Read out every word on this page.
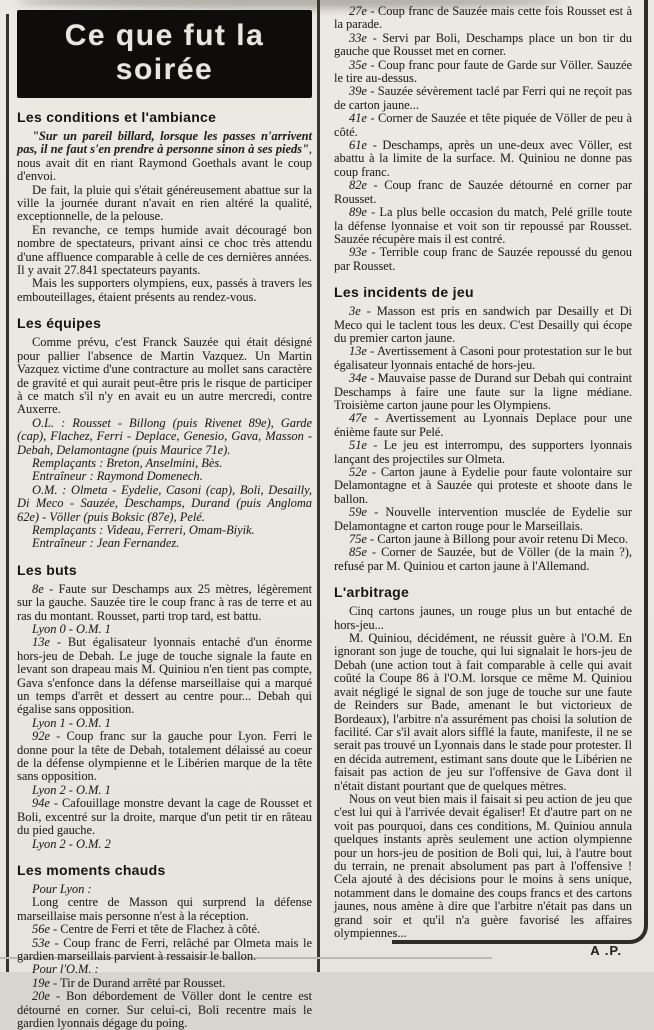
Ce que fut la soirée
Les conditions et l'ambiance

"Sur un pareil billard, lorsque les passes n'arrivent pas, il ne faut s'en prendre à personne sinon à ses pieds", nous avait dit en riant Raymond Goethals avant le coup d'envoi.

De fait, la pluie qui s'était généreusement abattue sur la ville la journée durant n'avait en rien altéré la qualité, exceptionnelle, de la pelouse.

En revanche, ce temps humide avait découragé bon nombre de spectateurs, privant ainsi ce choc très attendu d'une affluence comparable à celle de ces dernières années. Il y avait 27.841 spectateurs payants.

Mais les supporters olympiens, eux, passés à travers les embouteillages, étaient présents au rendez-vous.

Les équipes

Comme prévu, c'est Franck Sauzée qui était désigné pour pallier l'absence de Martin Vazquez. Un Martin Vazquez victime d'une contracture au mollet sans caractère de gravité et qui aurait peut-être pris le risque de participer à ce match s'il n'y en avait eu un autre mercredi, contre Auxerre.

O.L. : Rousset - Billong (puis Rivenet 89e), Garde (cap), Flachez, Ferri - Deplace, Genesio, Gava, Masson - Debah, Delamontagne (puis Maurice 71e).

Remplaçants : Breton, Anselmini, Bès.

Entraîneur : Raymond Domenech.

O.M. : Olmeta - Eydelie, Casoni (cap), Boli, Desailly, Di Meco - Sauzée, Deschamps, Durand (puis Angloma 62e) - Völler (puis Boksic (87e), Pelé.

Remplaçants : Videau, Ferreri, Omam-Biyik.

Entraîneur : Jean Fernandez.

Les buts

8e - Faute sur Deschamps aux 25 mètres, légèrement sur la gauche. Sauzée tire le coup franc à ras de terre et au ras du montant. Rousset, parti trop tard, est battu.

Lyon 0 - O.M. 1

13e - But égalisateur lyonnais entaché d'un énorme hors-jeu de Debah. Le juge de touche signale la faute en levant son drapeau mais M. Quiniou n'en tient pas compte, Gava s'enfonce dans la défense marseillaise qui a marqué un temps d'arrêt et dessert au centre pour... Debah qui égalise sans opposition.

Lyon 1 - O.M. 1

92e - Coup franc sur la gauche pour Lyon. Ferri le donne pour la tête de Debah, totalement délaissé au coeur de la défense olympienne et le Libérien marque de la tête sans opposition.

Lyon 2 - O.M. 1

94e - Cafouillage monstre devant la cage de Rousset et Boli, excentré sur la droite, marque d'un petit tir en râteau du pied gauche.

Lyon 2 - O.M. 2

Les moments chauds

Pour Lyon :

Long centre de Masson qui surprend la défense marseillaise mais personne n'est à la réception.

56e - Centre de Ferri et tête de Flachez à côté.

53e - Coup franc de Ferri, relâché par Olmeta mais le gardien marseillais parvient à ressaisir le ballon.

Pour l'O.M. :

19e - Tir de Durand arrêté par Rousset.

20e - Bon débordement de Völler dont le centre est détourné en corner. Sur celui-ci, Boli recentre mais le gardien lyonnais dégage du poing.

27e - Coup franc de Sauzée mais cette fois Rousset est à la parade.

33e - Servi par Boli, Deschamps place un bon tir du gauche que Rousset met en corner.

35e - Coup franc pour faute de Garde sur Völler. Sauzée le tire au-dessus.

39e - Sauzée sévèrement taclé par Ferri qui ne reçoit pas de carton jaune...

41e - Corner de Sauzée et tête piquée de Völler de peu à côté.

61e - Deschamps, après un une-deux avec Völler, est abattu à la limite de la surface. M. Quiniou ne donne pas coup franc.

82e - Coup franc de Sauzée détourné en corner par Rousset.

89e - La plus belle occasion du match, Pelé grille toute la défense lyonnaise et voit son tir repoussé par Rousset. Sauzée récupère mais il est contré.

93e - Terrible coup franc de Sauzée repoussé du genou par Rousset.

Les incidents de jeu

3e - Masson est pris en sandwich par Desailly et Di Meco qui le taclent tous les deux. C'est Desailly qui écope du premier carton jaune.

13e - Avertissement à Casoni pour protestation sur le but égalisateur lyonnais entaché de hors-jeu.

34e - Mauvaise passe de Durand sur Debah qui contraint Deschamps à faire une faute sur la ligne médiane. Troisième carton jaune pour les Olympiens.

47e - Avertissement au Lyonnais Deplace pour une énième faute sur Pelé.

51e - Le jeu est interrompu, des supporters lyonnais lançant des projectiles sur Olmeta.

52e - Carton jaune à Eydelie pour faute volontaire sur Delamontagne et à Sauzée qui proteste et shoote dans le ballon.

59e - Nouvelle intervention musclée de Eydelie sur Delamontagne et carton rouge pour le Marseillais.

75e - Carton jaune à Billong pour avoir retenu Di Meco.

85e - Corner de Sauzée, but de Völler (de la main ?), refusé par M. Quiniou et carton jaune à l'Allemand.

L'arbitrage

Cinq cartons jaunes, un rouge plus un but entaché de hors-jeu...

M. Quiniou, décidément, ne réussit guère à l'O.M. En ignorant son juge de touche, qui lui signalait le hors-jeu de Debah (une action tout à fait comparable à celle qui avait coûté la Coupe 86 à l'O.M. lorsque ce même M. Quiniou avait négligé le signal de son juge de touche sur une faute de Reinders sur Bade, amenant le but victorieux de Bordeaux), l'arbitre n'a assurément pas choisi la solution de facilité. Car s'il avait alors sifflé la faute, manifeste, il ne se serait pas trouvé un Lyonnais dans le stade pour protester. Il en décida autrement, estimant sans doute que le Libérien ne faisait pas action de jeu sur l'offensive de Gava dont il n'était distant pourtant que de quelques mètres.

Nous on veut bien mais il faisait si peu action de jeu que c'est lui qui à l'arrivée devait égaliser! Et d'autre part on ne voit pas pourquoi, dans ces conditions, M. Quiniou annula quelques instants après seulement une action olympienne pour un hors-jeu de position de Boli qui, lui, à l'autre bout du terrain, ne prenait absolument pas part à l'offensive ! Cela ajouté à des décisions pour le moins à sens unique, notamment dans le domaine des coups francs et des cartons jaunes, nous amène à dire que l'arbitre n'était pas dans un grand soir et qu'il n'a guère favorisé les affaires olympiennes...

A .P.
